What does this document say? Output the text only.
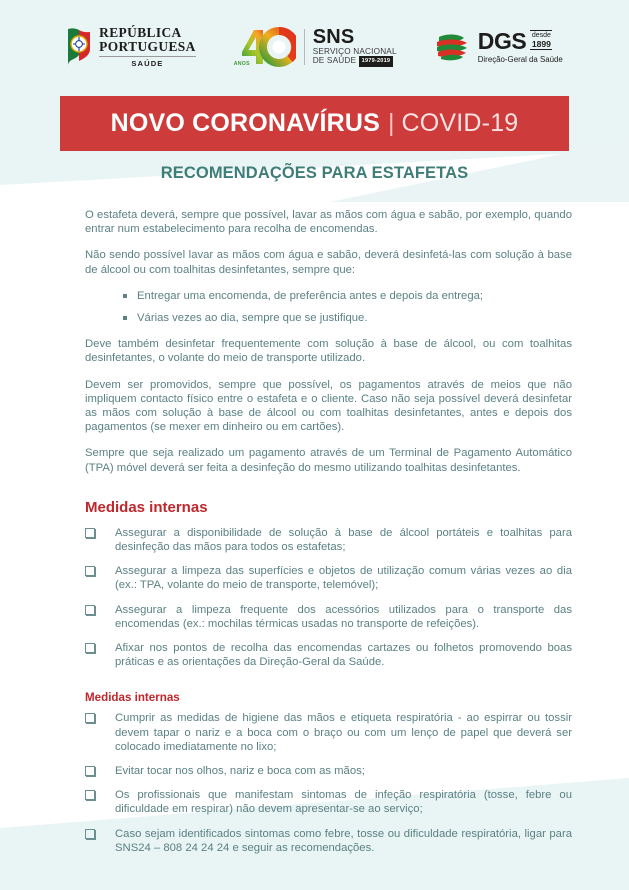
REPÚBLICA
PORTUGUESA
SAÚDE	ANOS
SNS
SERVIÇO NACIONAL
DE SAÚDE 1979-2019
DGS desde
1899
Direção-Geral da Saúde
NOVO CORONAVÍRUS | COVID-19
RECOMENDAÇÕES PARA ESTAFETAS

O estafeta deverá, sempre que possível, lavar as mãos com água e sabão, por exemplo, quando entrar num estabelecimento para recolha de encomendas.

Não sendo possível lavar as mãos com água e sabão, deverá desinfetá-las com solução à base de álcool ou com toalhitas desinfetantes, sempre que:

Entregar uma encomenda, de preferência antes e depois da entrega;
Várias vezes ao dia, sempre que se justifique.

Deve também desinfetar frequentemente com solução à base de álcool, ou com toalhitas desinfetantes, o volante do meio de transporte utilizado.

Devem ser promovidos, sempre que possível, os pagamentos através de meios que não impliquem contacto físico entre o estafeta e o cliente. Caso não seja possível deverá desinfetar as mãos com solução à base de álcool ou com toalhitas desinfetantes, antes e depois dos pagamentos (se mexer em dinheiro ou em cartões).

Sempre que seja realizado um pagamento através de um Terminal de Pagamento Automático (TPA) móvel deverá ser feita a desinfeção do mesmo utilizando toalhitas desinfetantes.

Medidas internas
Assegurar a disponibilidade de solução à base de álcool portáteis e toalhitas para desinfeção das mãos para todos os estafetas;
Assegurar a limpeza das superfícies e objetos de utilização comum várias vezes ao dia (ex.: TPA, volante do meio de transporte, telemóvel);
Assegurar a limpeza frequente dos acessórios utilizados para o transporte das encomendas (ex.: mochilas térmicas usadas no transporte de refeições).
Afixar nos pontos de recolha das encomendas cartazes ou folhetos promovendo boas práticas e as orientações da Direção-Geral da Saúde.
Medidas internas
Cumprir as medidas de higiene das mãos e etiqueta respiratória - ao espirrar ou tossir devem tapar o nariz e a boca com o braço ou com um lenço de papel que deverá ser colocado imediatamente no lixo;
Evitar tocar nos olhos, nariz e boca com as mãos;
Os profissionais que manifestam sintomas de infeção respiratória (tosse, febre ou dificuldade em respirar) não devem apresentar-se ao serviço;
Caso sejam identificados sintomas como febre, tosse ou dificuldade respiratória, ligar para SNS24 – 808 24 24 24 e seguir as recomendações.
